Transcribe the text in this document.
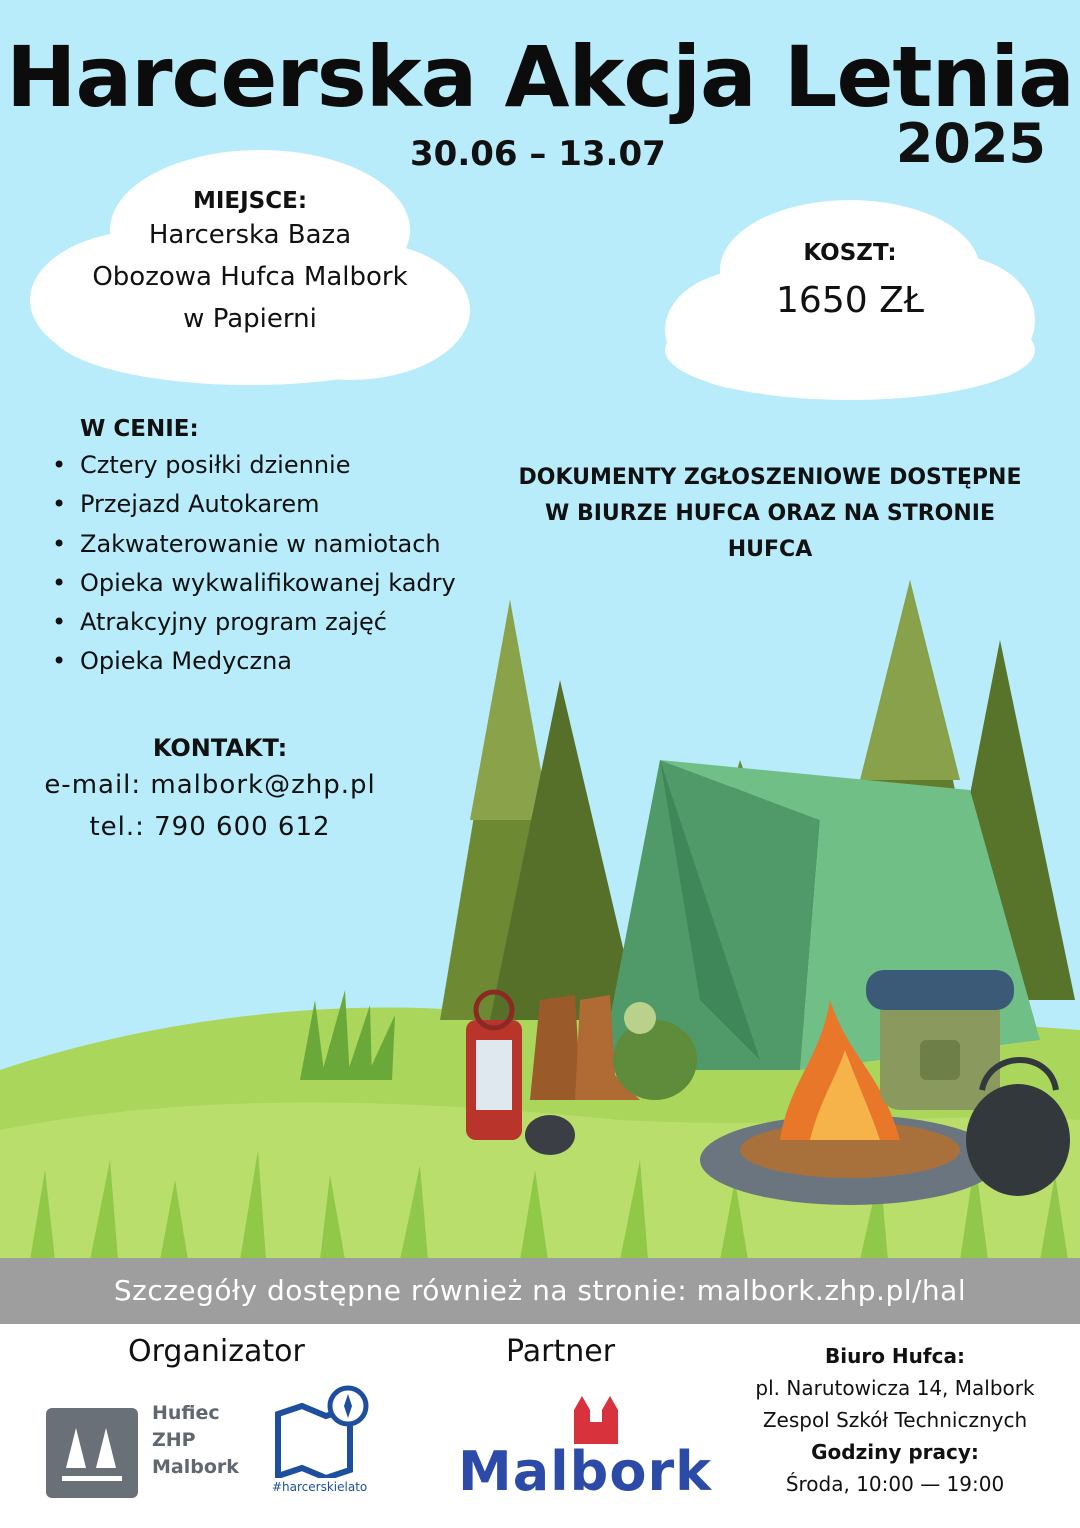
Harcerska Akcja Letnia
2025
30.06 – 13.07
MIEJSCE:
Harcerska Baza
Obozowa Hufca Malbork
w Papierni
KOSZT:
1650 ZŁ
W CENIE:
• Cztery posiłki dziennie
• Przejazd Autokarem
• Zakwaterowanie w namiotach
• Opieka wykwalifikowanej kadry
• Atrakcyjny program zajęć
• Opieka Medyczna
DOKUMENTY ZGŁOSZENIOWE DOSTĘPNE
W BIURZE HUFCA ORAZ NA STRONIE
HUFCA
KONTAKT:
e-mail: malbork@zhp.pl
tel.: 790 600 612
Szczegóły dostępne również na stronie: malbork.zhp.pl/hal
Organizator	Partner
Hufiec
ZHP
Malbork
#harcerskielato Malbork
Biuro Hufca:
pl. Narutowicza 14, Malbork
Zespol Szkół Technicznych
Godziny pracy:
Środa, 10:00 — 19:00
